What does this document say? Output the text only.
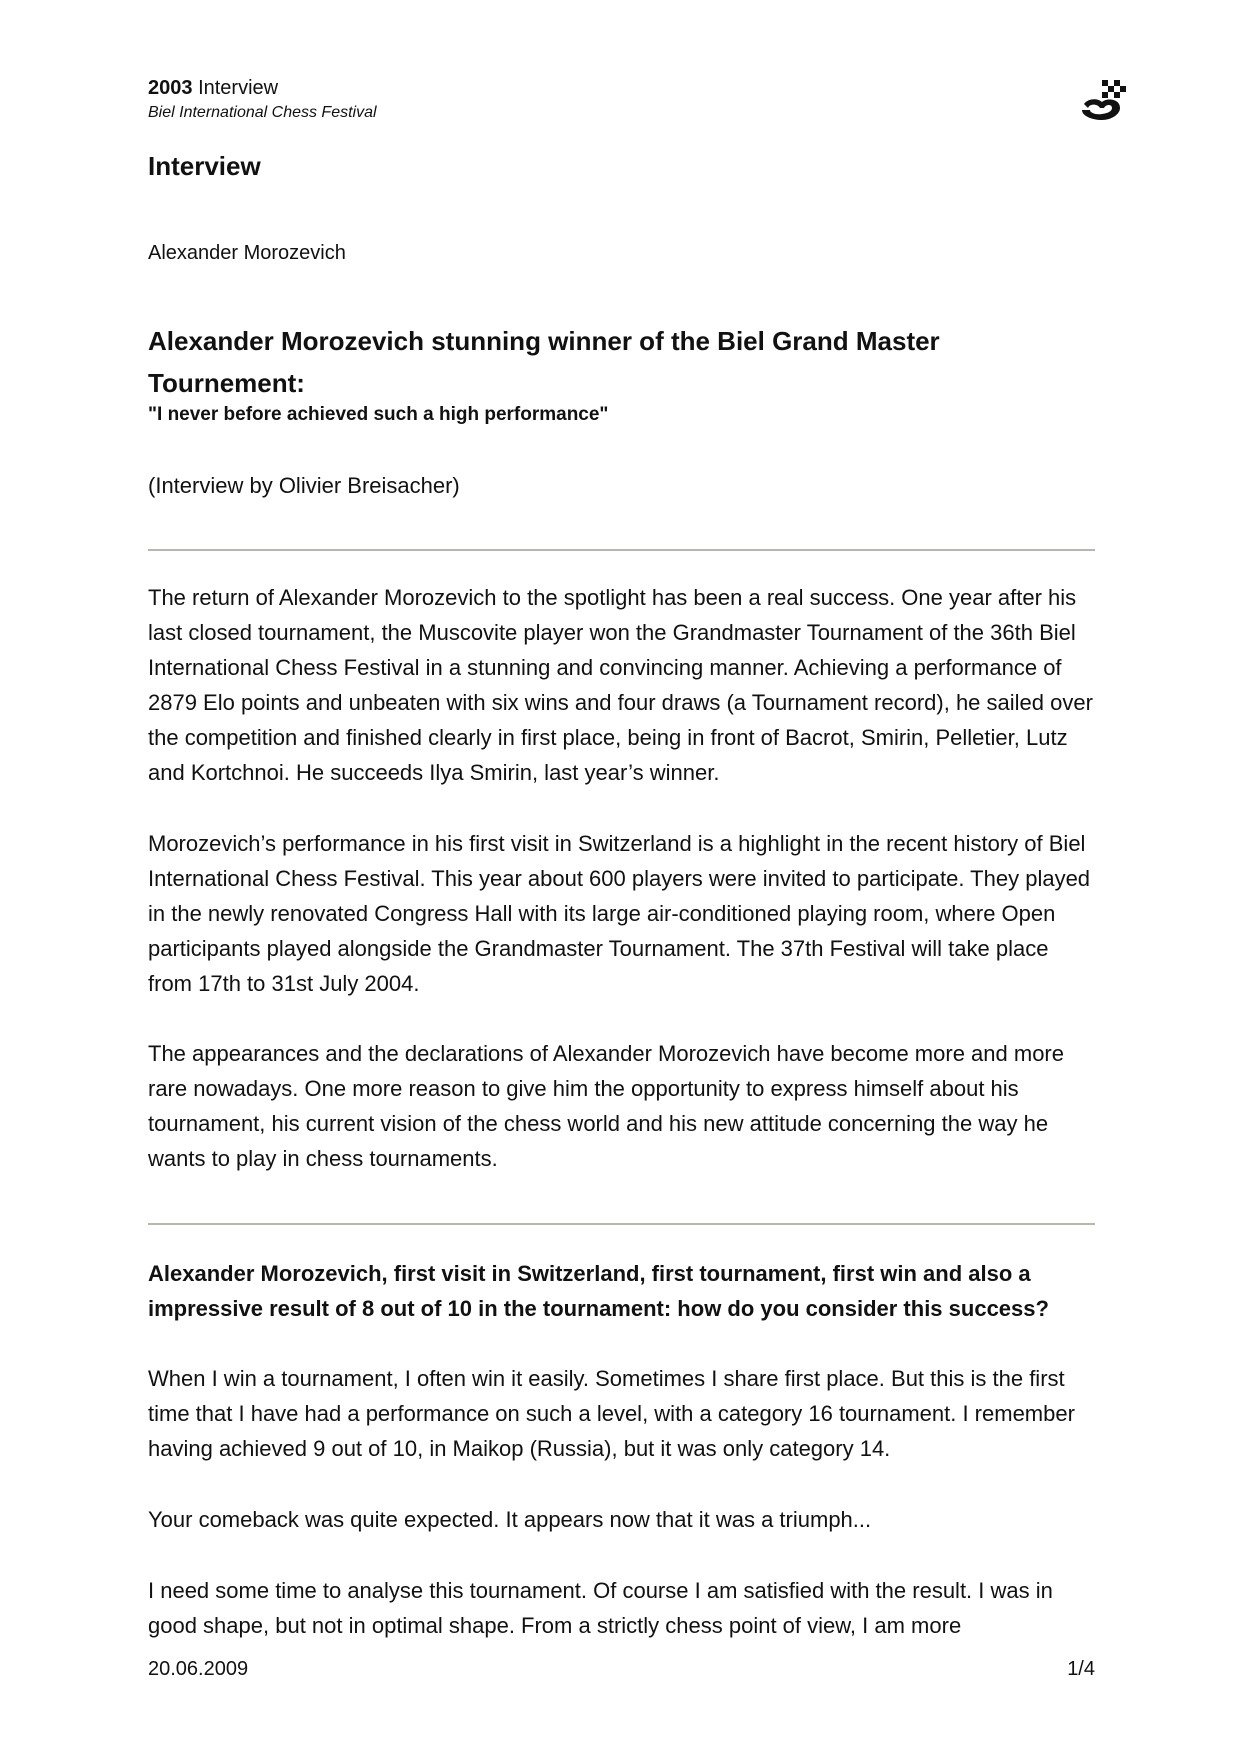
2003 Interview
Biel International Chess Festival
Interview
Alexander Morozevich
Alexander Morozevich stunning winner of the Biel Grand Master Tournement:
"I never before achieved such a high performance"
(Interview by Olivier Breisacher)

The return of Alexander Morozevich to the spotlight has been a real success. One year after his last closed tournament, the Muscovite player won the Grandmaster Tournament of the 36th Biel International Chess Festival in a stunning and convincing manner. Achieving a performance of 2879 Elo points and unbeaten with six wins and four draws (a Tournament record), he sailed over the competition and finished clearly in first place, being in front of Bacrot, Smirin, Pelletier, Lutz and Kortchnoi. He succeeds Ilya Smirin, last year’s winner.

Morozevich’s performance in his first visit in Switzerland is a highlight in the recent history of Biel International Chess Festival. This year about 600 players were invited to participate. They played in the newly renovated Congress Hall with its large air-conditioned playing room, where Open participants played alongside the Grandmaster Tournament. The 37th Festival will take place from 17th to 31st July 2004.

The appearances and the declarations of Alexander Morozevich have become more and more rare nowadays. One more reason to give him the opportunity to express himself about his tournament, his current vision of the chess world and his new attitude concerning the way he wants to play in chess tournaments.

Alexander Morozevich, first visit in Switzerland, first tournament, first win and also a impressive result of 8 out of 10 in the tournament: how do you consider this success?

When I win a tournament, I often win it easily. Sometimes I share first place. But this is the first time that I have had a performance on such a level, with a category 16 tournament. I remember having achieved 9 out of 10, in Maikop (Russia), but it was only category 14.

Your comeback was quite expected. It appears now that it was a triumph...

I need some time to analyse this tournament. Of course I am satisfied with the result. I was in good shape, but not in optimal shape. From a strictly chess point of view, I am more

20.06.2009	1/4
